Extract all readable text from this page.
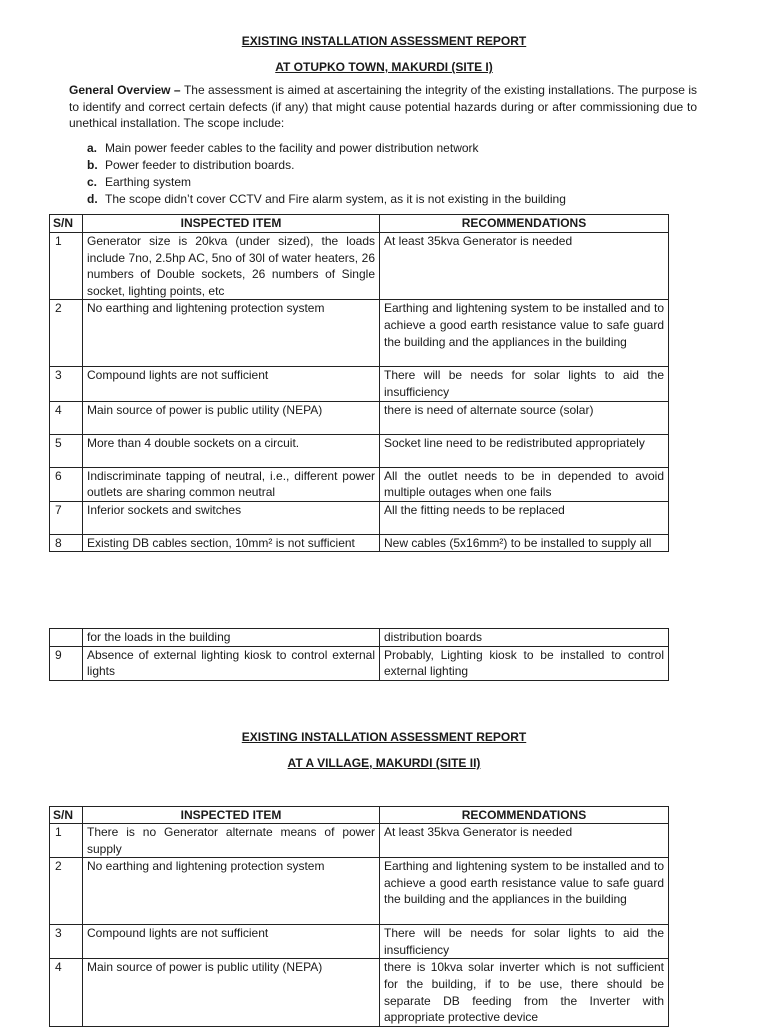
EXISTING INSTALLATION ASSESSMENT REPORT

AT OTUPKO TOWN, MAKURDI (SITE I)

General Overview – The assessment is aimed at ascertaining the integrity of the existing installations. The purpose is to identify and correct certain defects (if any) that might cause potential hazards during or after commissioning due to unethical installation. The scope include:

a. Main power feeder cables to the facility and power distribution network
b. Power feeder to distribution boards.
c. Earthing system
d. The scope didn’t cover CCTV and Fire alarm system, as it is not existing in the building
S/N	INSPECTED ITEM	RECOMMENDATIONS
1	Generator size is 20kva (under sized), the loads include 7no, 2.5hp AC, 5no of 30l of water heaters, 26 numbers of Double sockets, 26 numbers of Single socket, lighting points, etc	At least 35kva Generator is needed
2	No earthing and lightening protection system	Earthing and lightening system to be installed and to achieve a good earth resistance value to safe guard the building and the appliances in the building
3	Compound lights are not sufficient	There will be needs for solar lights to aid the insufficiency
4	Main source of power is public utility (NEPA)	there is need of alternate source (solar)
5	More than 4 double sockets on a circuit.	Socket line need to be redistributed appropriately
6	Indiscriminate tapping of neutral, i.e., different power outlets are sharing common neutral	All the outlet needs to be in depended to avoid multiple outages when one fails
7	Inferior sockets and switches	All the fitting needs to be replaced
8	Existing DB cables section, 10mm² is not sufficient	New cables (5x16mm²) to be installed to supply all
	for the loads in the building	distribution boards
9	Absence of external lighting kiosk to control external lights	Probably, Lighting kiosk to be installed to control external lighting

EXISTING INSTALLATION ASSESSMENT REPORT

AT A VILLAGE, MAKURDI (SITE II)

S/N	INSPECTED ITEM	RECOMMENDATIONS
1	There is no Generator alternate means of power supply	At least 35kva Generator is needed
2	No earthing and lightening protection system	Earthing and lightening system to be installed and to achieve a good earth resistance value to safe guard the building and the appliances in the building
3	Compound lights are not sufficient	There will be needs for solar lights to aid the insufficiency
4	Main source of power is public utility (NEPA)	there is 10kva solar inverter which is not sufficient for the building, if to be use, there should be separate DB feeding from the Inverter with appropriate protective device
